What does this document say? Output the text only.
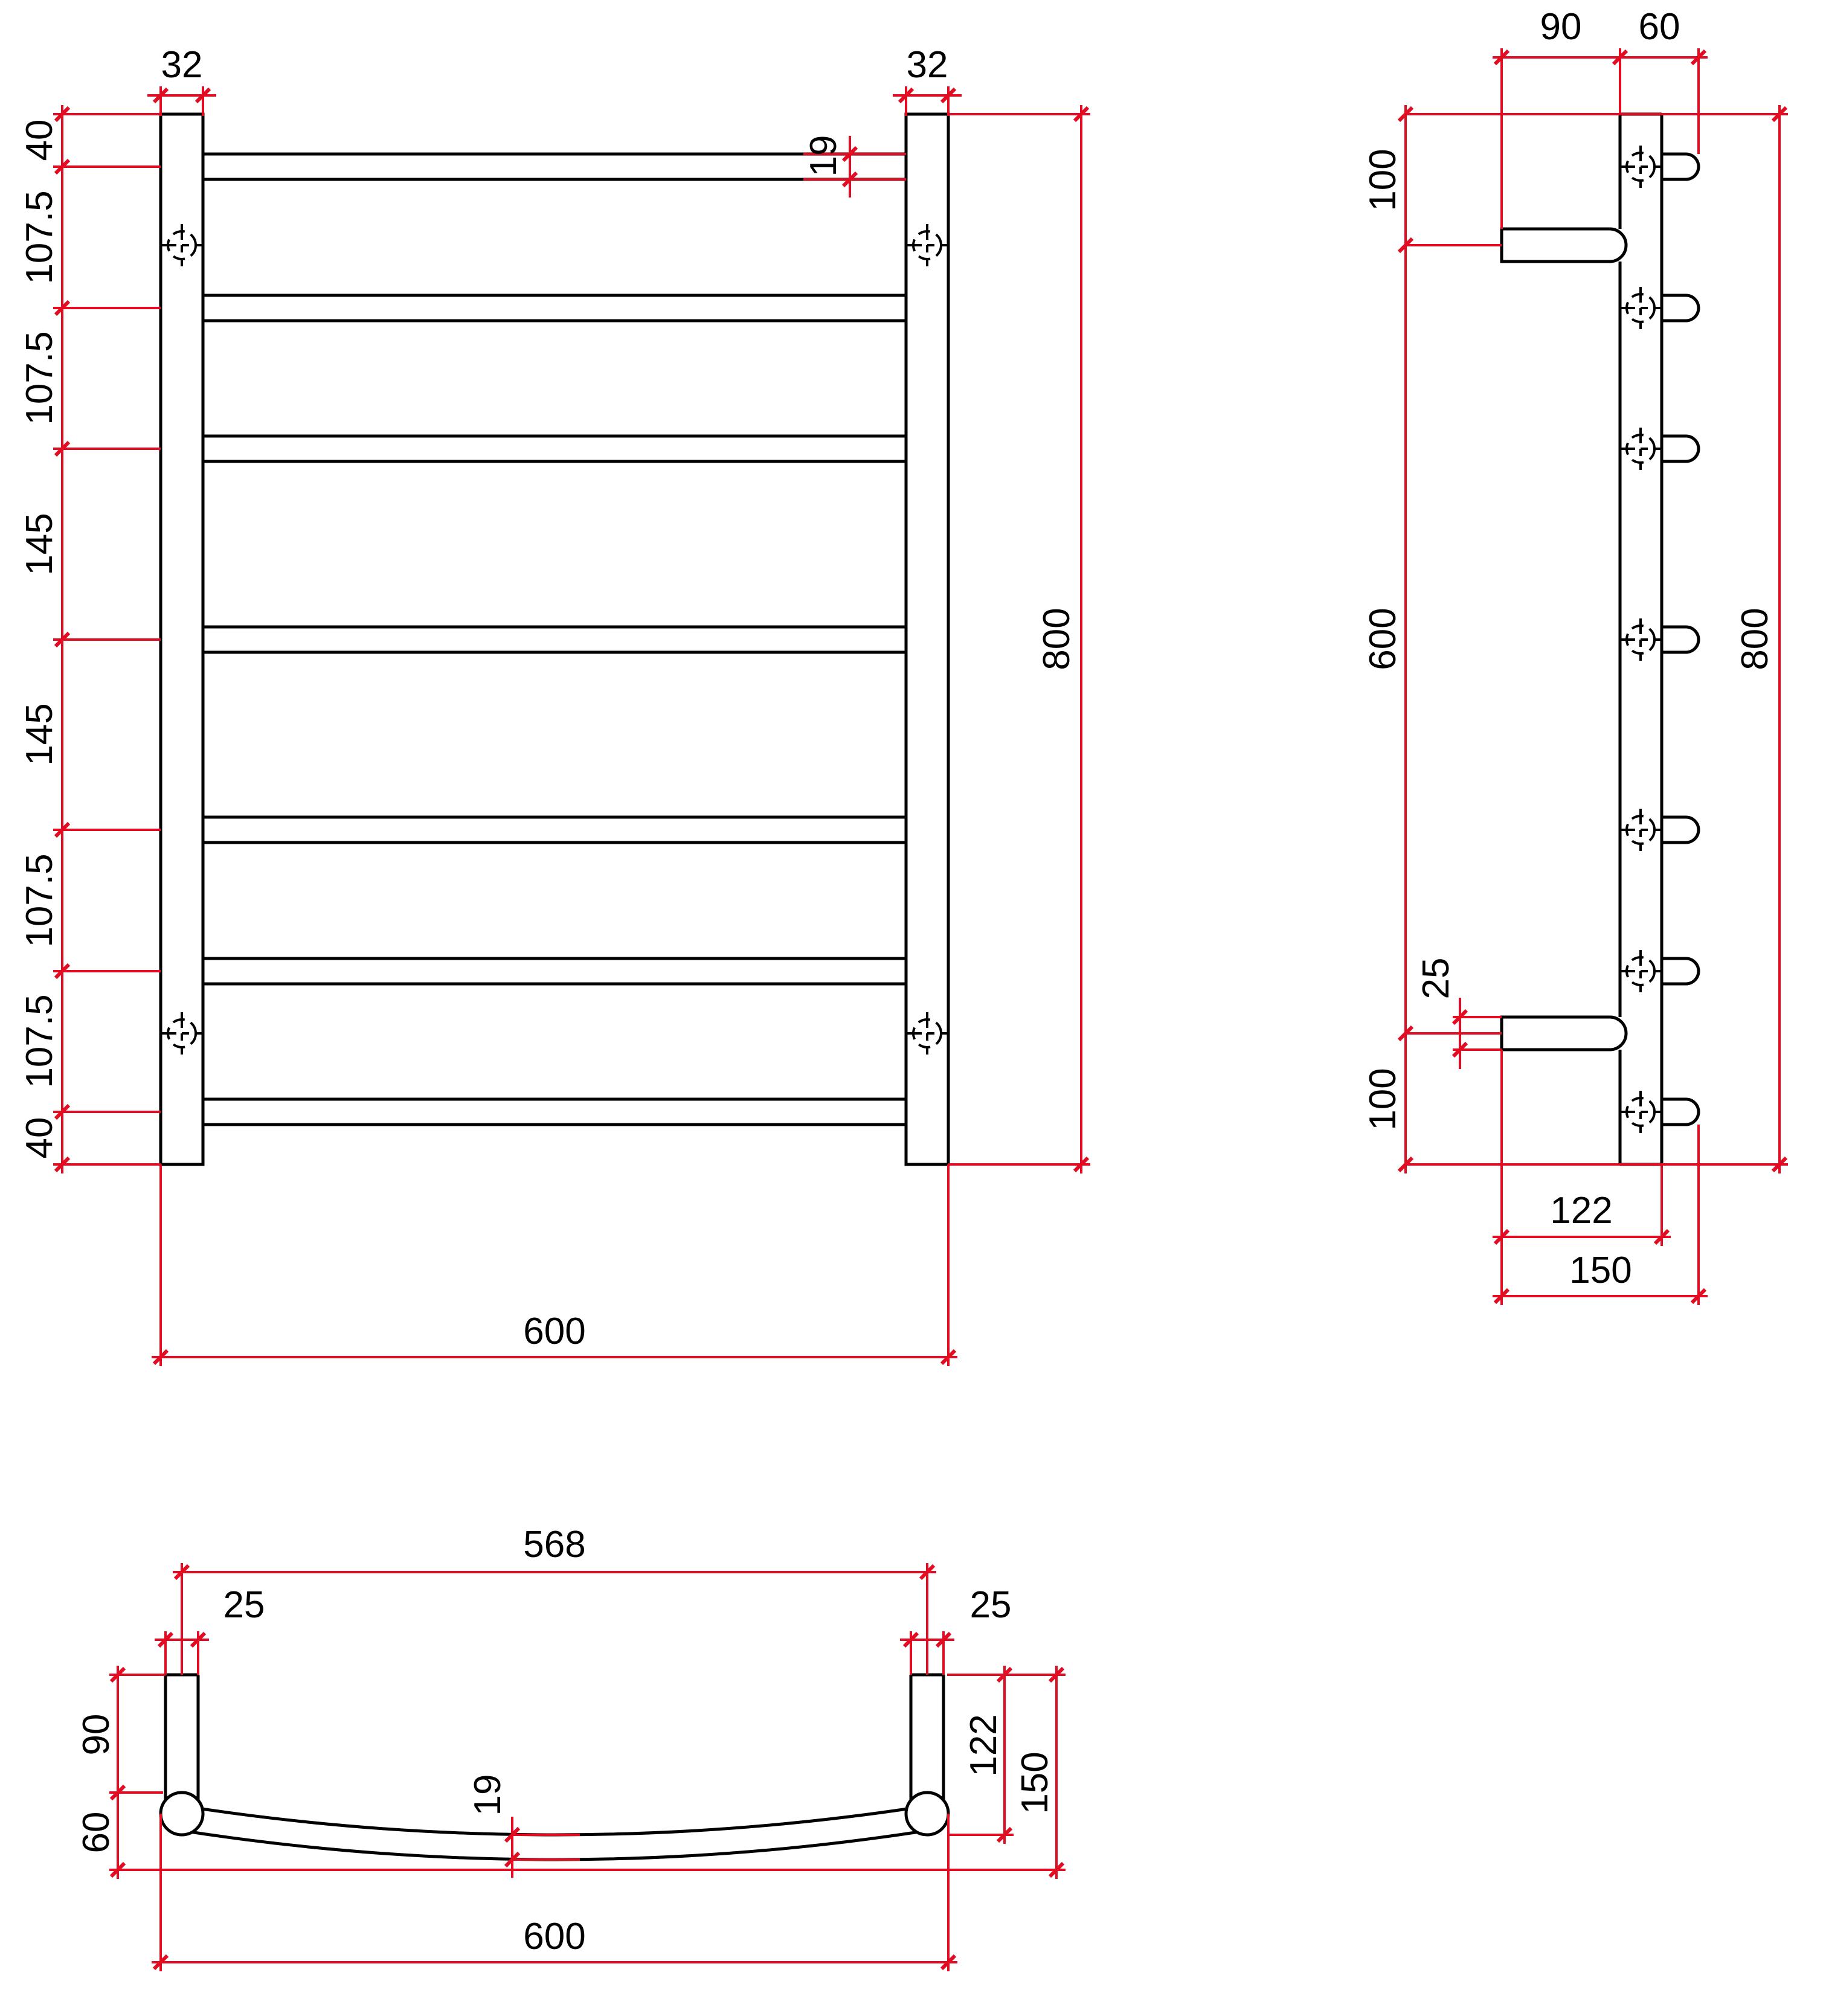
40
107.5
107.5
145
145
107.5
107.5
40
32	32
19
800
600
90 60
100
600
100
25
800
122
150
568
25	25
90
60
19
122
150
600
